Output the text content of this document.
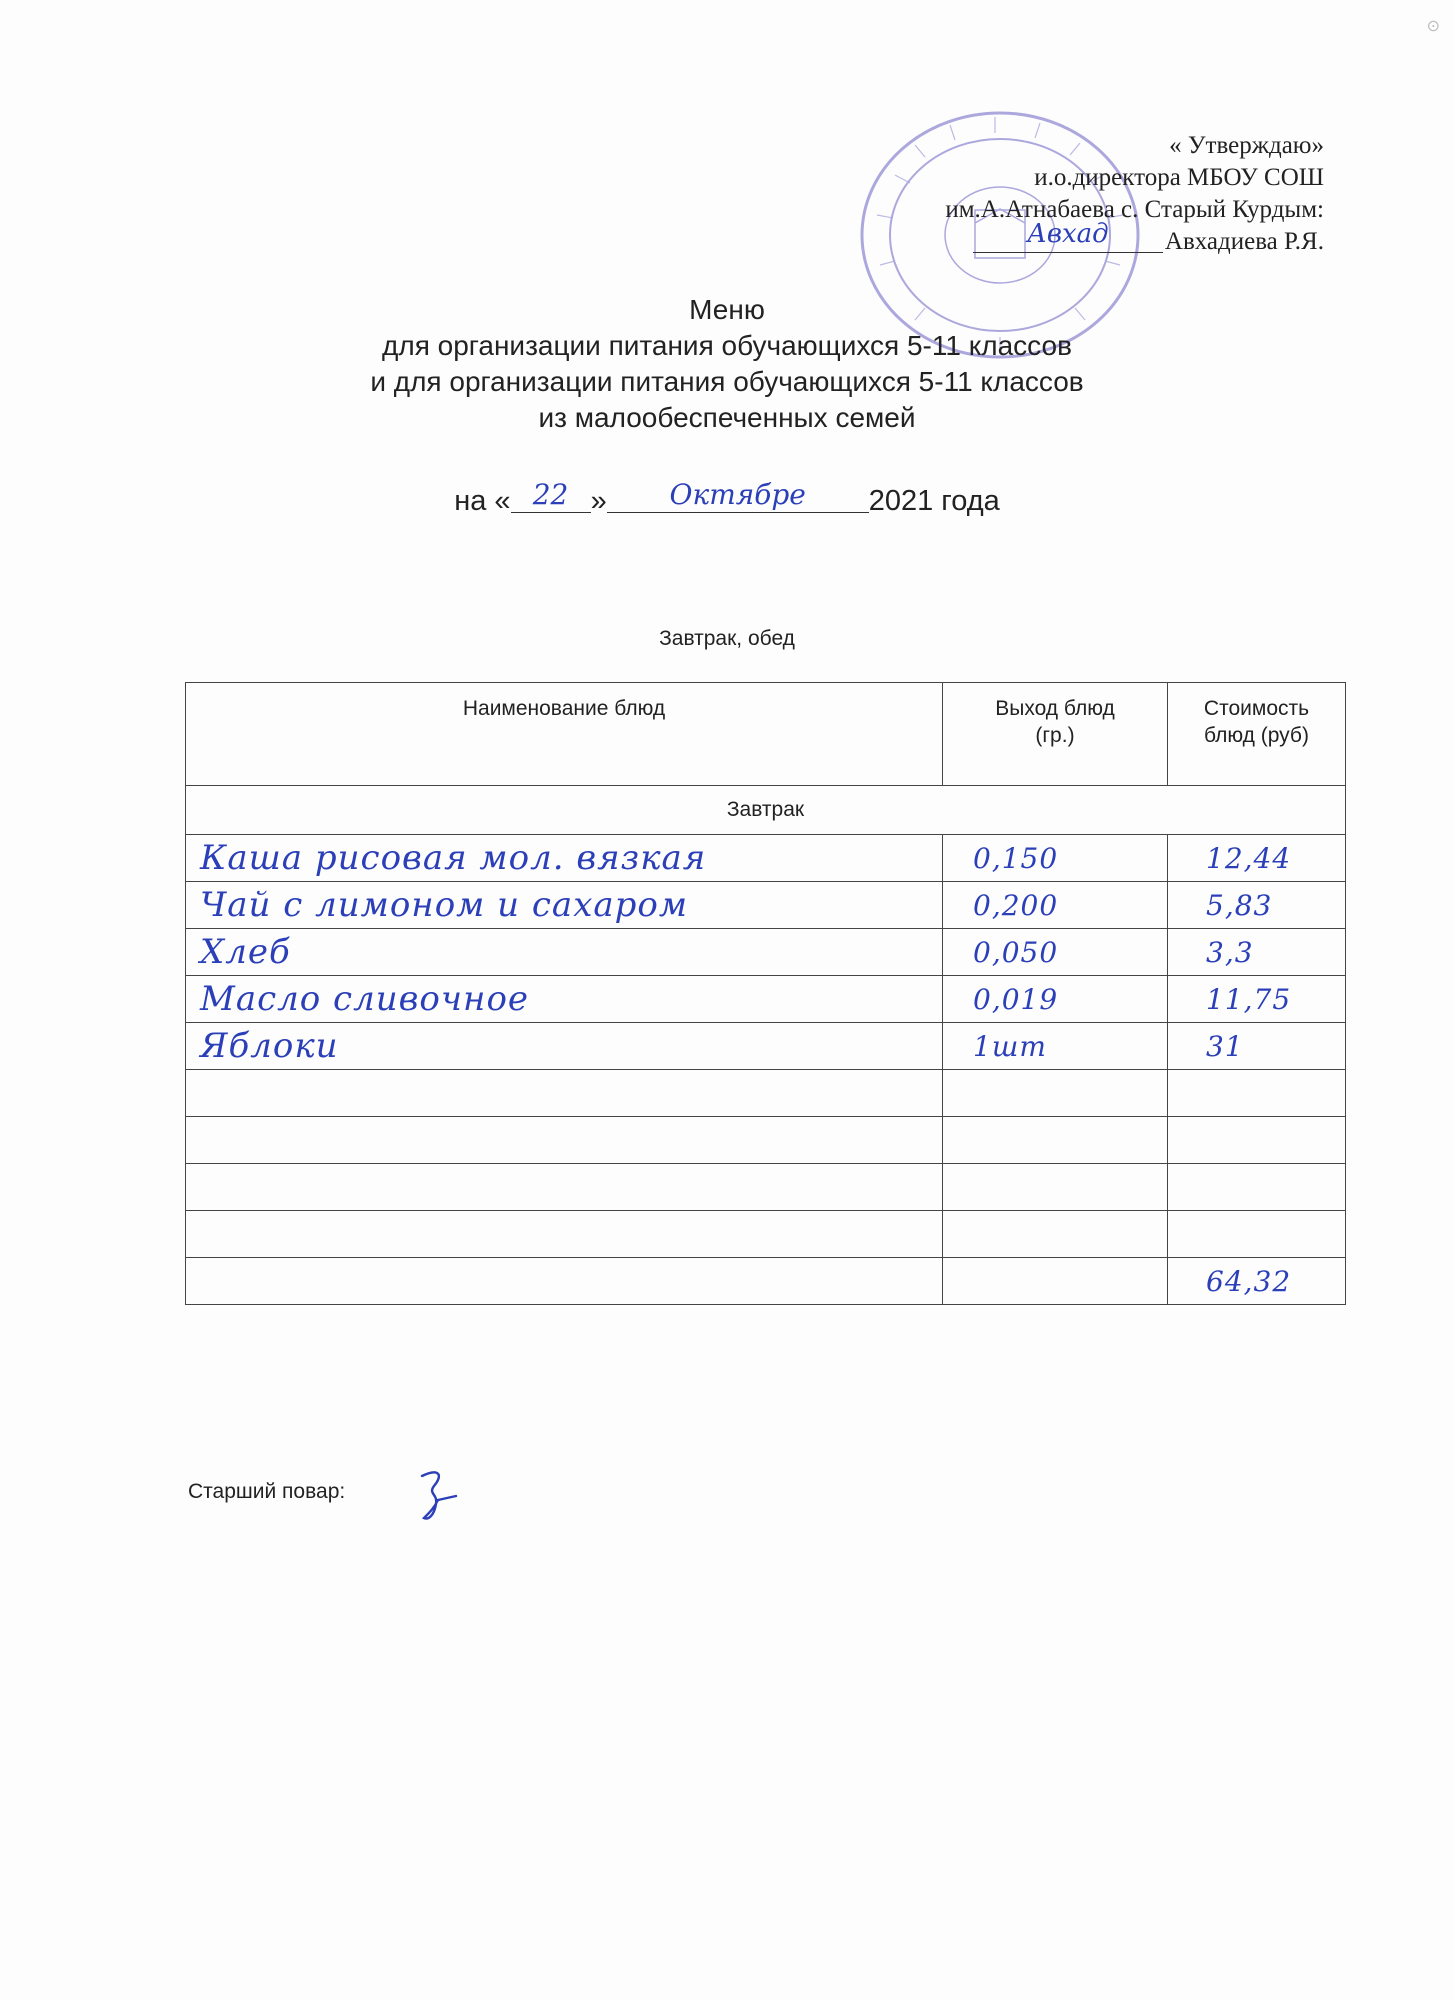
⊙
« Утверждаю»
и.о.директора МБОУ СОШ
им.А.Атнабаева с. Старый Курдым:
Авхад	Авхадиева Р.Я.
Меню
для организации питания обучающихся 5-11 классов
и для организации питания обучающихся 5-11 классов
из малообеспеченных семей
на « 22 »	Октябре	2021 года
Завтрак, обед
Наименование блюд	Выход блюд (гр.)	Стоимость блюд (руб)
Завтрак		
Каша рисовая мол. вязкая	0,150	12,44
Чай с лимоном и сахаром	0,200	5,83
Хлеб	0,050	3,3
Масло сливочное	0,019	11,75
Яблоки	1шт	31

		64,32
Старший повар:
